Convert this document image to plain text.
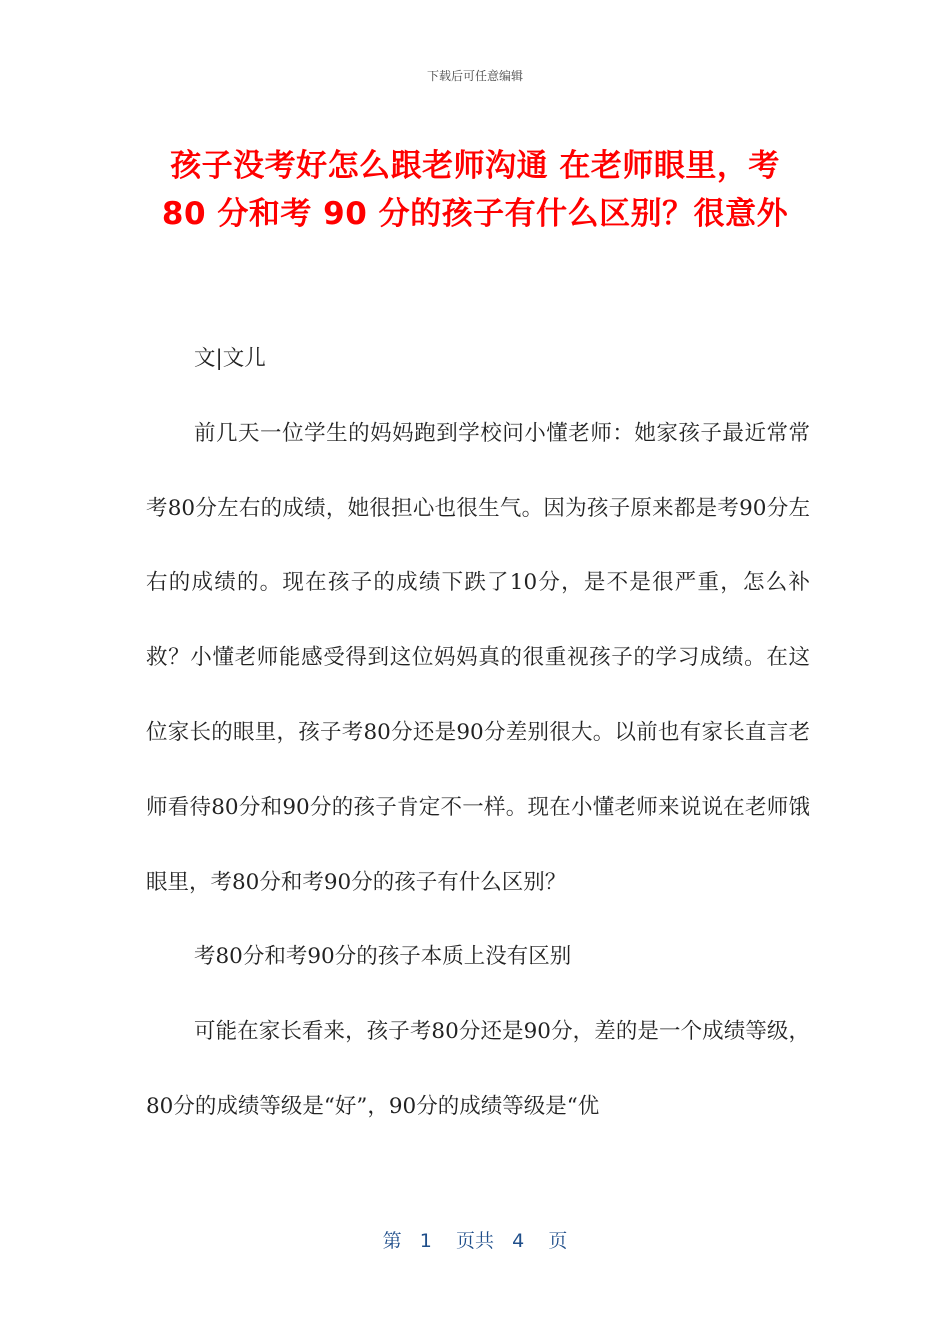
下载后可任意编辑
孩子没考好怎么跟老师沟通 在老师眼里，考
80 分和考 90 分的孩子有什么区别？很意外

文|文儿

前几天一位学生的妈妈跑到学校问小懂老师：她家孩子最近常常考80分左右的成绩，她很担心也很生气。因为孩子原来都是考90分左右的成绩的。现在孩子的成绩下跌了10分，是不是很严重，怎么补救？小懂老师能感受得到这位妈妈真的很重视孩子的学习成绩。在这位家长的眼里，孩子考80分还是90分差别很大。以前也有家长直言老师看待80分和90分的孩子肯定不一样。现在小懂老师来说说在老师饿眼里，考80分和考90分的孩子有什么区别？

考80分和考90分的孩子本质上没有区别

可能在家长看来，孩子考80分还是90分，差的是一个成绩等级，80分的成绩等级是“好”，90分的成绩等级是“优

第 1 页共 4 页
